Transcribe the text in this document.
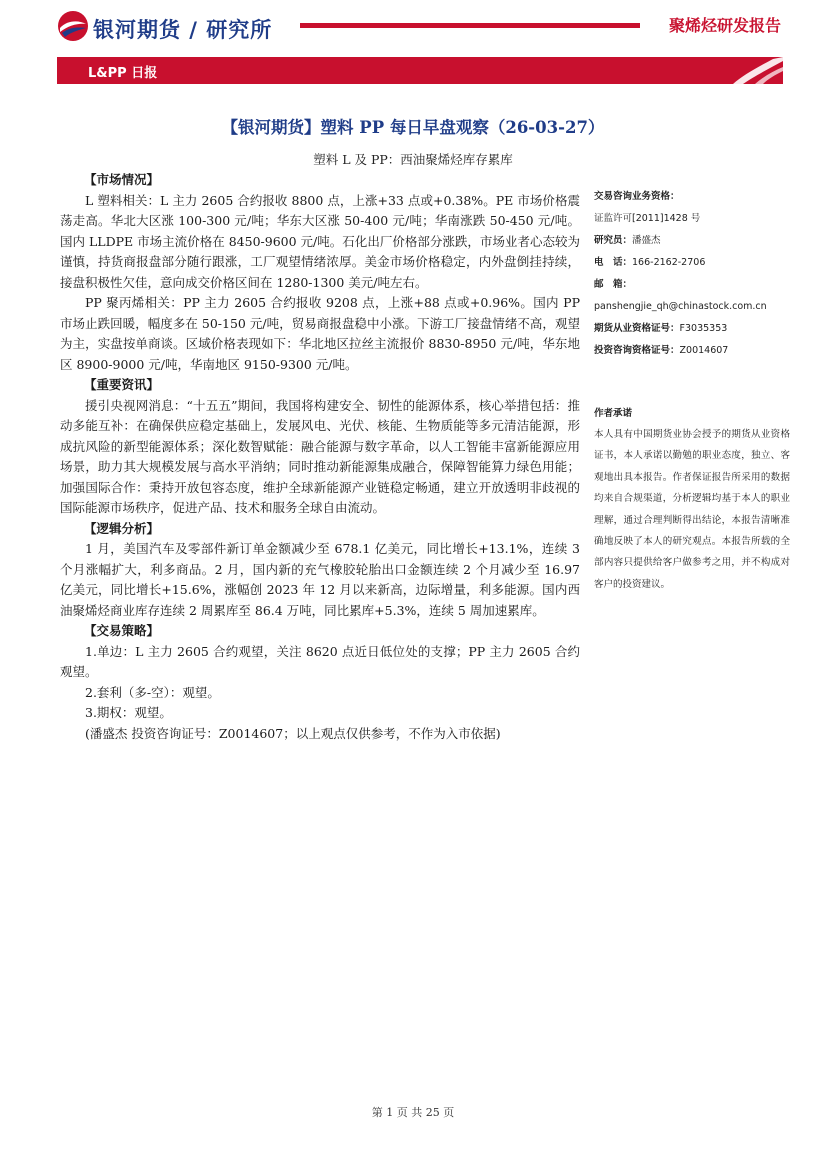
银河期货 / 研究所	聚烯烃研发报告
L&PP 日报
【银河期货】塑料 PP 每日早盘观察（26-03-27）
塑料 L 及 PP：西油聚烯烃库存累库

【市场情况】

L 塑料相关：L 主力 2605 合约报收 8800 点，上涨+33 点或+0.38%。PE 市场价格震荡走高。华北大区涨 100-300 元/吨；华东大区涨 50-400 元/吨；华南涨跌 50-450 元/吨。国内 LLDPE 市场主流价格在 8450-9600 元/吨。石化出厂价格部分涨跌，市场业者心态较为谨慎，持货商报盘部分随行跟涨，工厂观望情绪浓厚。美金市场价格稳定，内外盘倒挂持续，接盘积极性欠佳，意向成交价格区间在 1280-1300 美元/吨左右。

PP 聚丙烯相关：PP 主力 2605 合约报收 9208 点，上涨+88 点或+0.96%。国内 PP 市场止跌回暖，幅度多在 50-150 元/吨，贸易商报盘稳中小涨。下游工厂接盘情绪不高，观望为主，实盘按单商谈。区域价格表现如下：华北地区拉丝主流报价 8830-8950 元/吨，华东地区 8900-9000 元/吨，华南地区 9150-9300 元/吨。

【重要资讯】

援引央视网消息：“十五五”期间，我国将构建安全、韧性的能源体系，核心举措包括：推动多能互补：在确保供应稳定基础上，发展风电、光伏、核能、生物质能等多元清洁能源，形成抗风险的新型能源体系；深化数智赋能：融合能源与数字革命，以人工智能丰富新能源应用场景，助力其大规模发展与高水平消纳；同时推动新能源集成融合，保障智能算力绿色用能；加强国际合作：秉持开放包容态度，维护全球新能源产业链稳定畅通，建立开放透明非歧视的国际能源市场秩序，促进产品、技术和服务全球自由流动。

【逻辑分析】

1 月，美国汽车及零部件新订单金额减少至 678.1 亿美元，同比增长+13.1%，连续 3 个月涨幅扩大，利多商品。2 月，国内新的充气橡胶轮胎出口金额连续 2 个月减少至 16.97 亿美元，同比增长+15.6%，涨幅创 2023 年 12 月以来新高，边际增量，利多能源。国内西油聚烯烃商业库存连续 2 周累库至 86.4 万吨，同比累库+5.3%，连续 5 周加速累库。

【交易策略】

1.单边：L 主力 2605 合约观望，关注 8620 点近日低位处的支撑；PP 主力 2605 合约观望。

2.套利（多-空）：观望。

3.期权：观望。

(潘盛杰 投资咨询证号：Z0014607；以上观点仅供参考，不作为入市依据)

交易咨询业务资格：
证监许可[2011]1428 号
研究员：潘盛杰
电　话：166-2162-2706
邮　箱：
panshengjie_qh@chinastock.com.cn
期货从业资格证号：F3035353
投资咨询资格证号：Z0014607
作者承诺

本人具有中国期货业协会授予的期货从业资格证书，本人承诺以勤勉的职业态度，独立、客观地出具本报告。作者保证报告所采用的数据均来自合规渠道，分析逻辑均基于本人的职业理解，通过合理判断得出结论，本报告清晰准确地反映了本人的研究观点。本报告所载的全部内容只提供给客户做参考之用，并不构成对客户的投资建议。

第 1 页 共 25 页
